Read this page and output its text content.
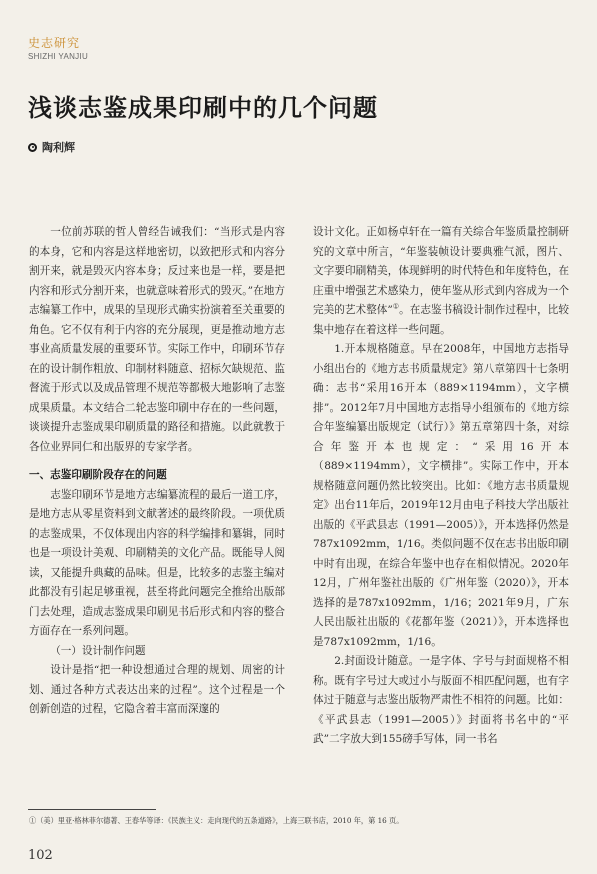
史志研究
SHIZHI YANJIU
浅谈志鉴成果印刷中的几个问题
陶利辉

一位前苏联的哲人曾经告诫我们：“当形式是内容的本身，它和内容是这样地密切，以致把形式和内容分割开来，就是毁灭内容本身；反过来也是一样，要是把内容和形式分割开来，也就意味着形式的毁灭。”在地方志编纂工作中，成果的呈现形式确实扮演着至关重要的角色。它不仅有利于内容的充分展现，更是推动地方志事业高质量发展的重要环节。实际工作中，印刷环节存在的设计制作粗放、印制材料随意、招标欠缺规范、监督流于形式以及成品管理不规范等都极大地影响了志鉴成果质量。本文结合二轮志鉴印刷中存在的一些问题，谈谈提升志鉴成果印刷质量的路径和措施。以此就教于各位业界同仁和出版界的专家学者。

一、志鉴印刷阶段存在的问题

志鉴印刷环节是地方志编纂流程的最后一道工序，是地方志从零星资料到文献著述的最终阶段。一项优质的志鉴成果，不仅体现出内容的科学编排和纂辑，同时也是一项设计美观、印刷精美的文化产品。既能导人阅读，又能提升典藏的品味。但是，比较多的志鉴主编对此都没有引起足够重视，甚至将此问题完全推给出版部门去处理，造成志鉴成果印刷见书后形式和内容的整合方面存在一系列问题。

（一）设计制作问题

设计是指“把一种设想通过合理的规划、周密的计划、通过各种方式表达出来的过程”。这个过程是一个创新创造的过程，它隐含着丰富而深邃的

设计文化。正如杨卓轩在一篇有关综合年鉴质量控制研究的文章中所言，“年鉴装帧设计要典雅气派，图片、文字要印刷精美，体现鲜明的时代特色和年度特色，在庄重中增强艺术感染力，使年鉴从形式到内容成为一个完美的艺术整体”①。在志鉴书稿设计制作过程中，比较集中地存在着这样一些问题。

1.开本规格随意。早在2008年，中国地方志指导小组出台的《地方志书质量规定》第八章第四十七条明确：志书“采用16开本（889×1194mm），文字横排”。2012年7月中国地方志指导小组颁布的《地方综合年鉴编纂出版规定（试行）》第五章第四十条，对综合年鉴开本也规定：“采用16开本（889×1194mm），文字横排”。实际工作中，开本规格随意问题仍然比较突出。比如：《地方志书质量规定》出台11年后，2019年12月由电子科技大学出版社出版的《平武县志（1991—2005）》，开本选择仍然是787x1092mm，1/16。类似问题不仅在志书出版印刷中时有出现，在综合年鉴中也存在相似情况。2020年12月，广州年鉴社出版的《广州年鉴（2020）》，开本选择的是787x1092mm，1/16；2021年9月，广东人民出版社出版的《花都年鉴（2021）》，开本选择也是787x1092mm，1/16。

2.封面设计随意。一是字体、字号与封面规格不相称。既有字号过大或过小与版面不相匹配问题，也有字体过于随意与志鉴出版物严肃性不相符的问题。比如：《平武县志（1991—2005）》封面将书名中的“平武”二字放大到155磅手写体，同一书名

①（美）里亚·格林菲尔德著、王春华等译：《民族主义：走向现代的五条道路》，上海三联书店，2010 年，第 16 页。
102
